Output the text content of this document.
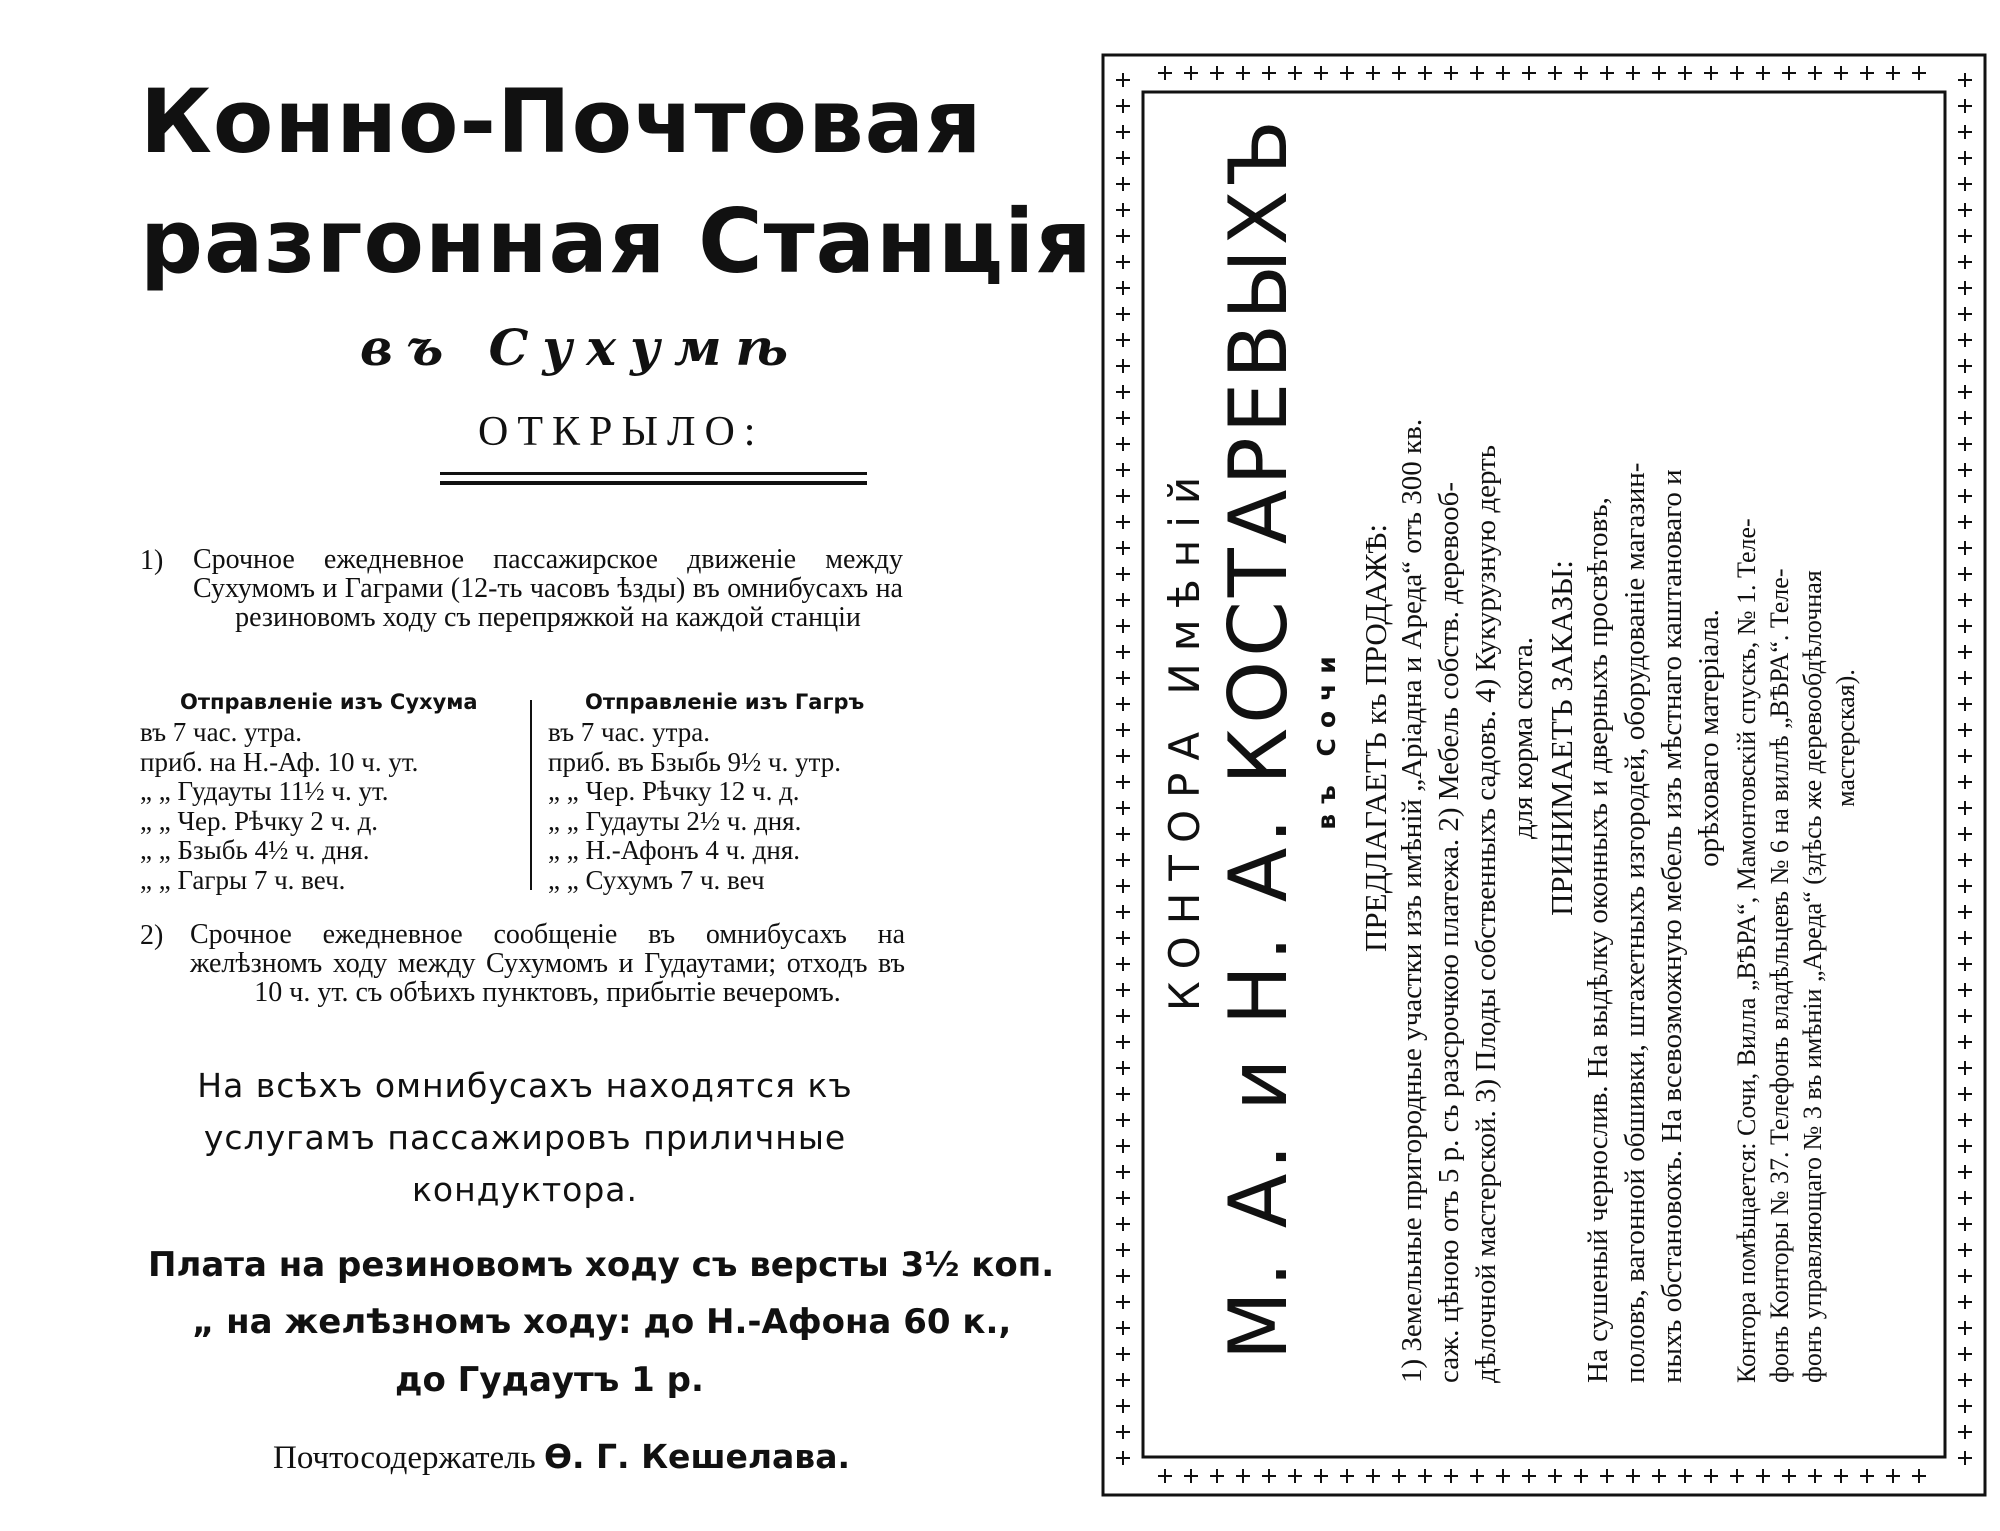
Конно-Почтовая
разгонная Станція
въ Сухумѣ
ОТКРЫЛО:
1) Срочное ежедневное пассажирское движеніе между Сухумомъ и Гаграми (12-ть часовъ ѣзды) въ омнибусахъ на резиновомъ ходу съ перепряжкой на каждой станціи
Отправленіе изъ Сухума
въ 7 час. утра.
приб. на Н.-Аф. 10 ч. ут.
„ „ Гудауты 11½ ч. ут.
„ „ Чер. Рѣчку 2 ч. д.
„ „ Бзыбь 4½ ч. дня.
„ „ Гагры 7 ч. веч.
Отправленіе изъ Гагръ
въ 7 час. утра.
приб. въ Бзыбь 9½ ч. утр.
„ „ Чер. Рѣчку 12 ч. д.
„ „ Гудауты 2½ ч. дня.
„ „ Н.-Афонъ 4 ч. дня.
„ „ Сухумъ 7 ч. веч
2) Срочное ежедневное сообщеніе въ омнибусахъ на желѣзномъ ходу между Сухумомъ и Гудаутами; отходъ въ 10 ч. ут. съ обѣихъ пунктовъ, прибытіе вечеромъ.
На всѣхъ омнибусахъ находятся къ услугамъ пассажировъ приличные кондуктора.
Плата на резиновомъ ходу съ версты 3½ коп.
„ на желѣзномъ ходу: до Н.-Афона 60 к.,
до Гудаутъ 1 р.
Почтосодержатель Ѳ. Г. Кешелава.
КОНТОРА Имѣній М. А. и Н. А. КОСТАРЕВЫХЪ въ Сочи ПРЕДЛАГАЕТЪ къ ПРОДАЖѢ: 1) Земельные пригородные участки изъ имѣній „Аріадна и Ареда“ отъ 300 кв. саж. цѣною отъ 5 р. съ разсрочкою платежа. 2) Мебель собств. деревооб- дѣлочной мастерской. 3) Плоды собственныхъ садовъ. 4) Кукурузную дерть для корма скота. ПРИНИМАЕТЪ ЗАКАЗЫ: На сушеный чернослив. На выдѣлку оконныхъ и дверныхъ просвѣтовъ, половъ, вагонной обшивки, штахетныхъ изгородей, оборудованіе магазин- ныхъ обстановокъ. На всевозможную мебель изъ мѣстнаго каштановаго и орѣховаго матеріала. Контора помѣщается: Сочи, Вилла „ВѢРА“, Мамонтовскій спускъ, № 1. Теле- фонъ Конторы № 37. Телефонъ владѣльцевъ № 6 на виллѣ „ВѢРА“. Теле- фонъ управляющаго № 3 въ имѣніи „Ареда“ (здѣсь же деревообдѣлочная мастерская).
